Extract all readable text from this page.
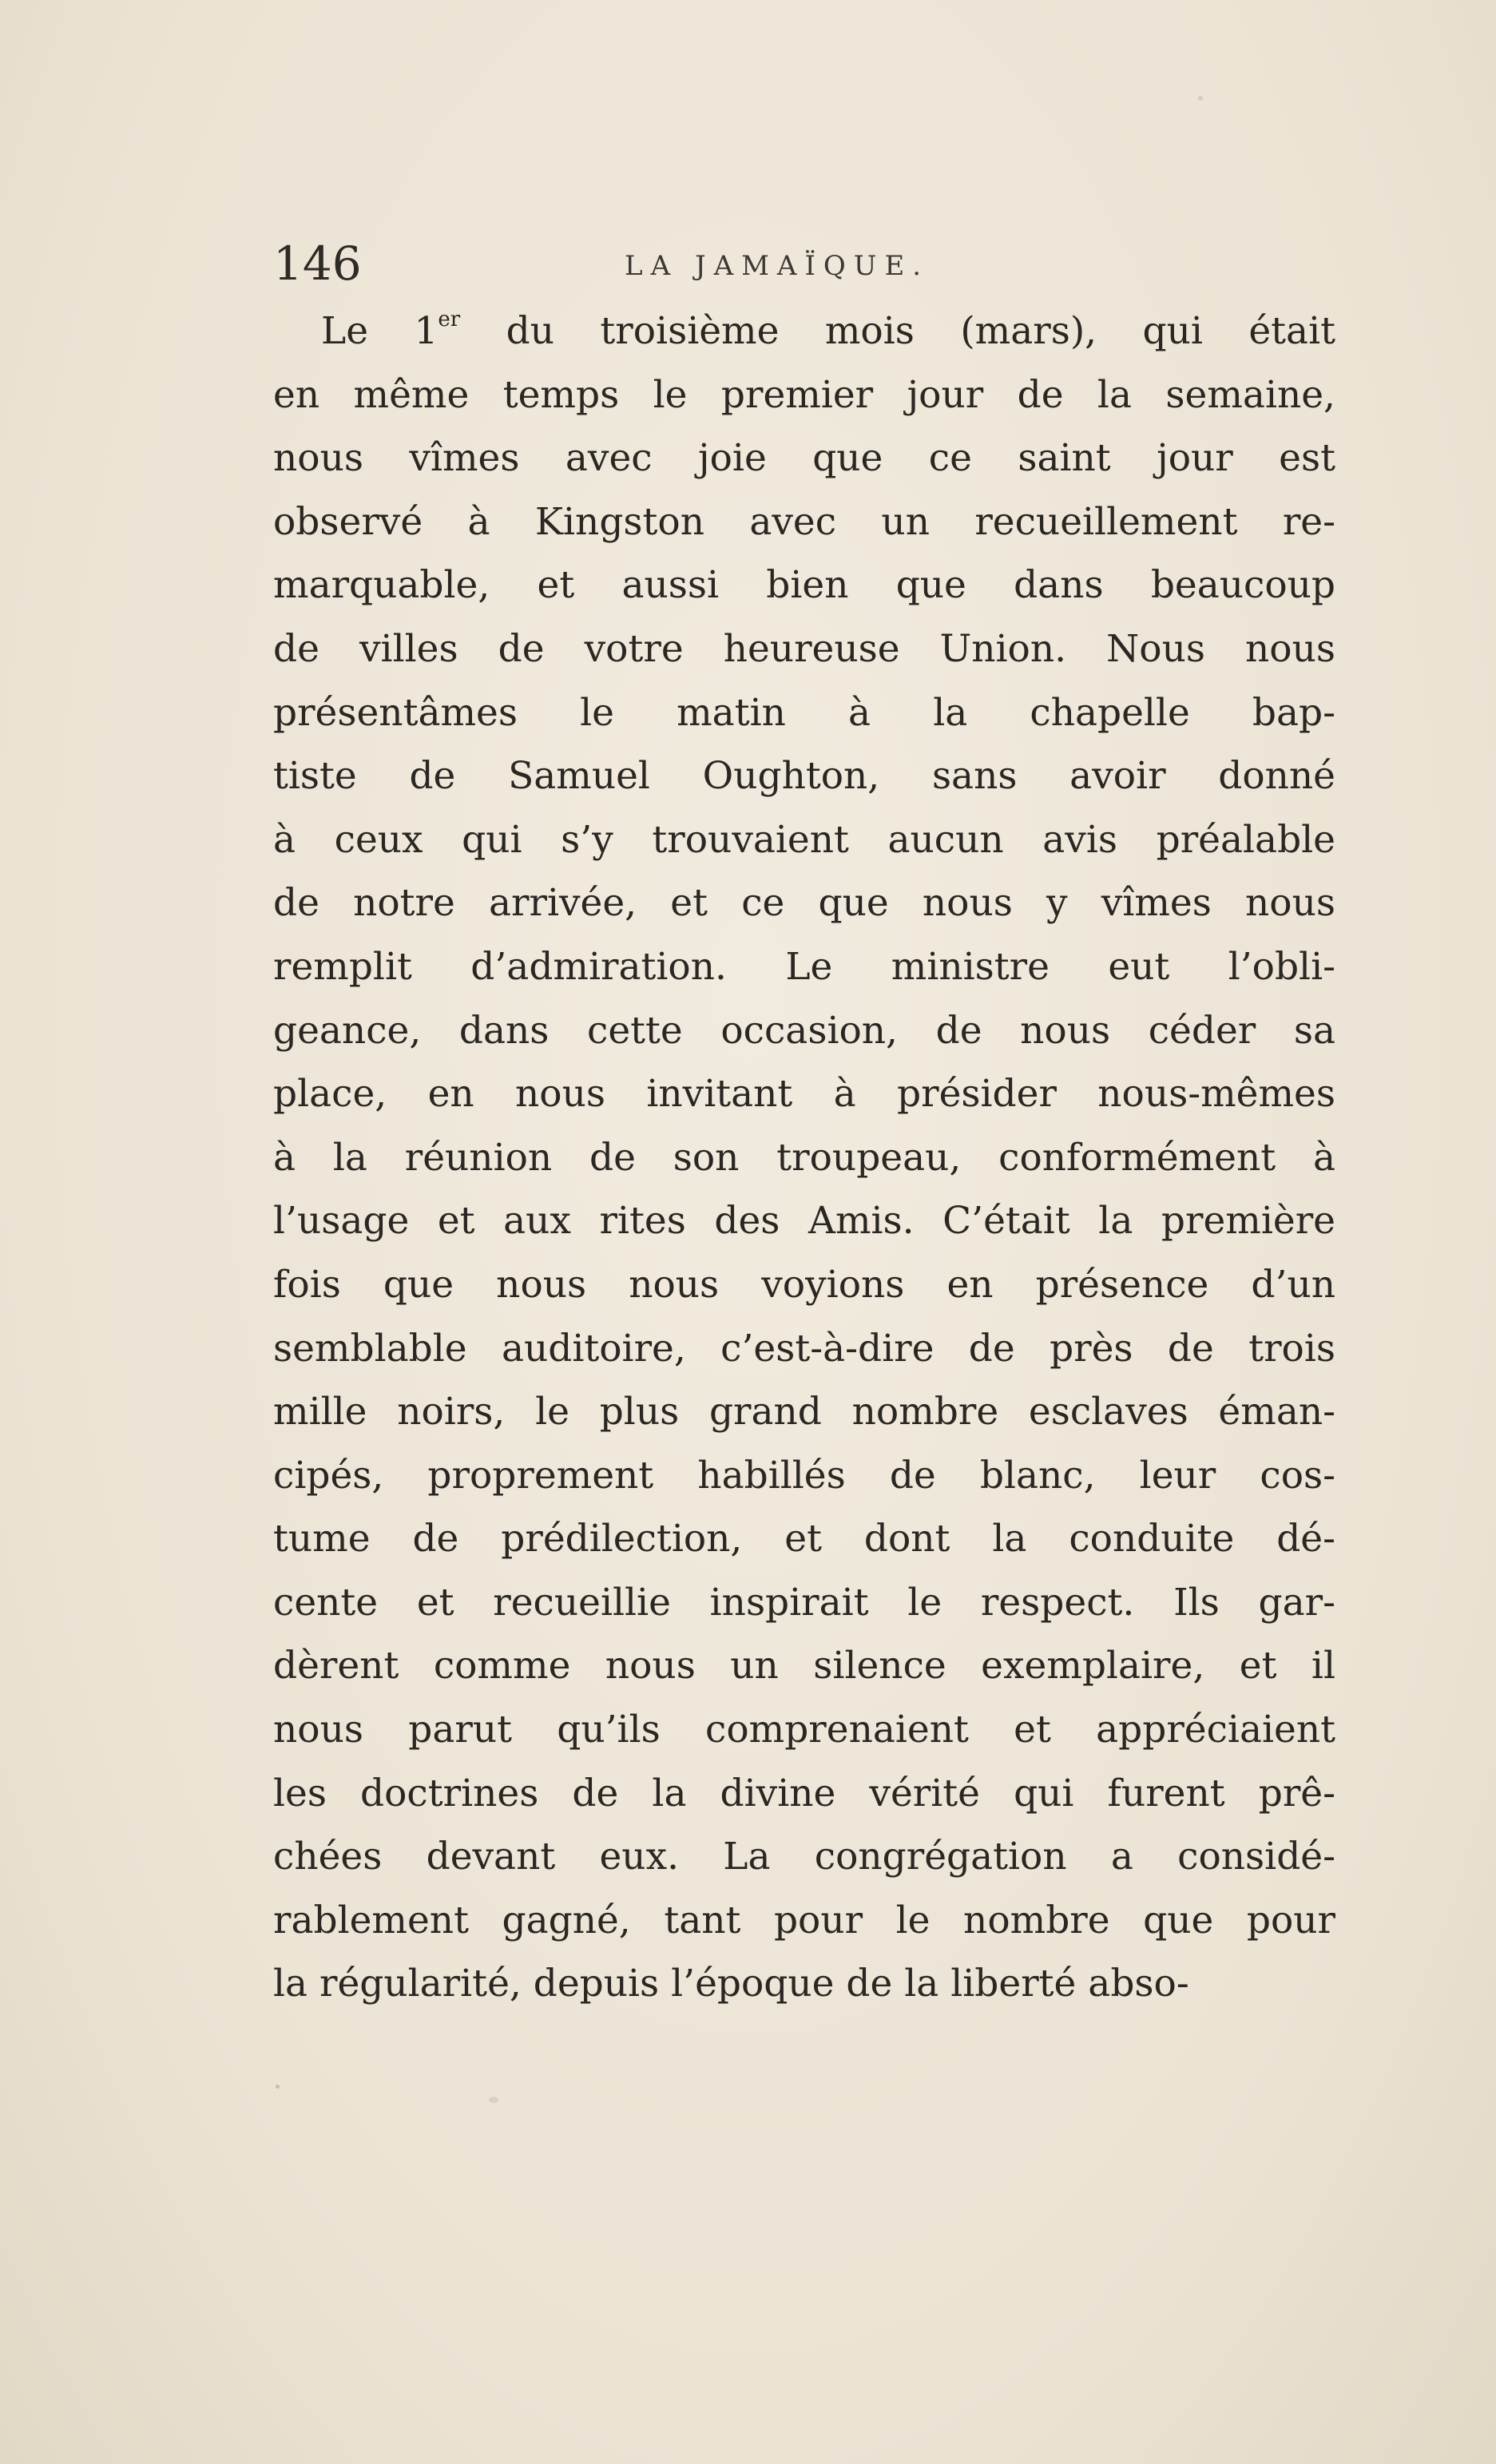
146	LA JAMAÏQUE.
Le 1er du troisième mois (mars), qui était
en même temps le premier jour de la semaine,
nous vîmes avec joie que ce saint jour est
observé à Kingston avec un recueillement re-
marquable, et aussi bien que dans beaucoup
de villes de votre heureuse Union. Nous nous
présentâmes le matin à la chapelle bap-
tiste de Samuel Oughton, sans avoir donné
à ceux qui s’y trouvaient aucun avis préalable
de notre arrivée, et ce que nous y vîmes nous
remplit d’admiration. Le ministre eut l’obli-
geance, dans cette occasion, de nous céder sa
place, en nous invitant à présider nous-mêmes
à la réunion de son troupeau, conformément à
l’usage et aux rites des Amis. C’était la première
fois que nous nous voyions en présence d’un
semblable auditoire, c’est-à-dire de près de trois
mille noirs, le plus grand nombre esclaves éman-
cipés, proprement habillés de blanc, leur cos-
tume de prédilection, et dont la conduite dé-
cente et recueillie inspirait le respect. Ils gar-
dèrent comme nous un silence exemplaire, et il
nous parut qu’ils comprenaient et appréciaient
les doctrines de la divine vérité qui furent prê-
chées devant eux. La congrégation a considé-
rablement gagné, tant pour le nombre que pour
la régularité, depuis l’époque de la liberté abso-
